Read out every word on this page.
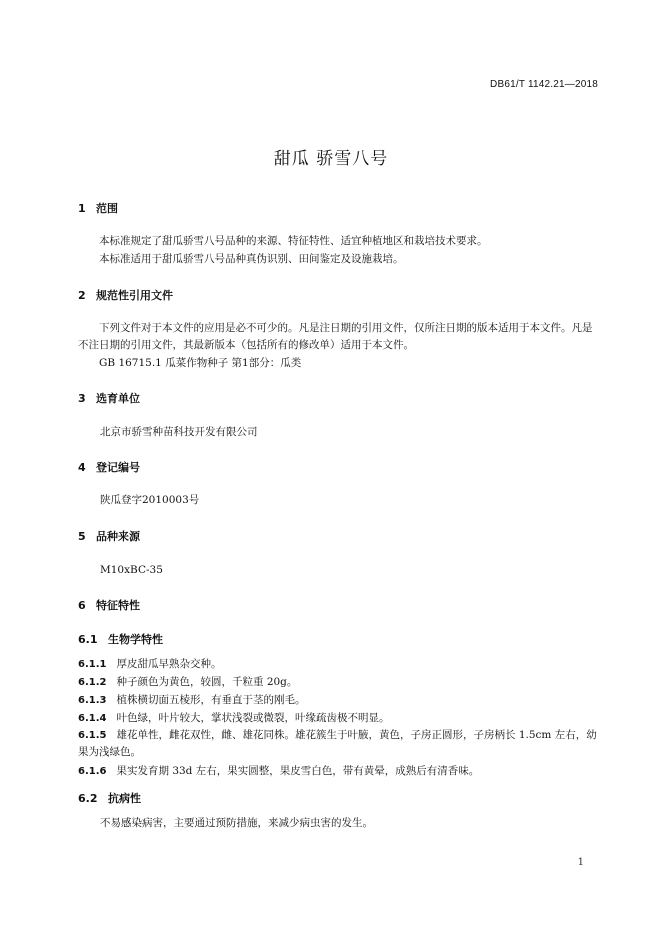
DB61/T 1142.21—2018
甜瓜 骄雪八号
1 范围
本标准规定了甜瓜骄雪八号品种的来源、特征特性、适宜种植地区和栽培技术要求。
本标准适用于甜瓜骄雪八号品种真伪识别、田间鉴定及设施栽培。
2 规范性引用文件
下列文件对于本文件的应用是必不可少的。凡是注日期的引用文件，仅所注日期的版本适用于本文件。凡是不注日期的引用文件，其最新版本（包括所有的修改单）适用于本文件。
GB 16715.1 瓜菜作物种子 第1部分：瓜类
3 选育单位
北京市骄雪种苗科技开发有限公司
4 登记编号
陕瓜登字2010003号
5 品种来源
M10xBC-35
6 特征特性
6.1 生物学特性
6.1.1 厚皮甜瓜早熟杂交种。
6.1.2 种子颜色为黄色，较圆，千粒重 20g。
6.1.3 植株横切面五棱形，有垂直于茎的刚毛。
6.1.4 叶色绿，叶片较大，掌状浅裂或微裂，叶缘疏齿极不明显。
6.1.5 雄花单性，雌花双性，雌、雄花同株。雄花簇生于叶腋，黄色，子房正圆形，子房柄长 1.5cm 左右，幼果为浅绿色。
6.1.6 果实发育期 33d 左右，果实圆整，果皮雪白色，带有黄晕，成熟后有清香味。
6.2 抗病性
不易感染病害，主要通过预防措施，来减少病虫害的发生。
1
